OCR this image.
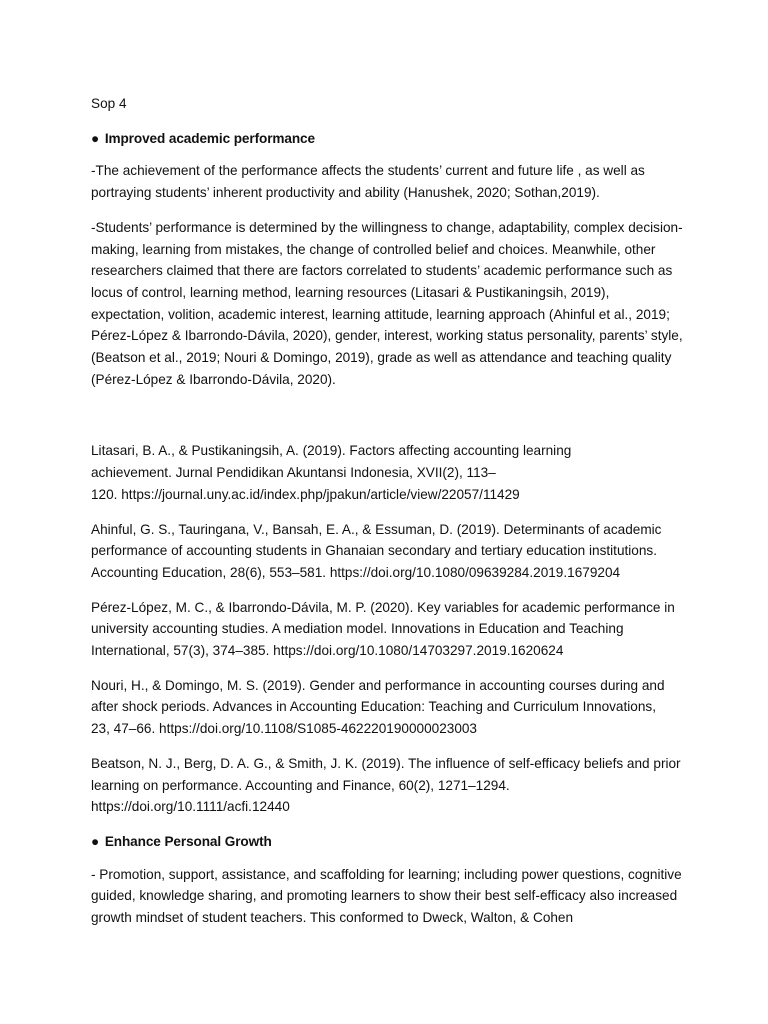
Sop 4
● Improved academic performance
-The achievement of the performance affects the students’ current and future life , as well as portraying students’ inherent productivity and ability (Hanushek, 2020; Sothan,2019).
-Students’ performance is determined by the willingness to change, adaptability, complex decision-making, learning from mistakes, the change of controlled belief and choices. Meanwhile, other researchers claimed that there are factors correlated to students’ academic performance such as locus of control, learning method, learning resources (Litasari & Pustikaningsih, 2019), expectation, volition, academic interest, learning attitude, learning approach (Ahinful et al., 2019; Pérez-López & Ibarrondo-Dávila, 2020), gender, interest, working status personality, parents’ style, (Beatson et al., 2019; Nouri & Domingo, 2019), grade as well as attendance and teaching quality (Pérez-López & Ibarrondo-Dávila, 2020).
Litasari, B. A., & Pustikaningsih, A. (2019). Factors affecting accounting learning
achievement. Jurnal Pendidikan Akuntansi Indonesia, XVII(2), 113–
120. https://journal.uny.ac.id/index.php/jpakun/article/view/22057/11429
Ahinful, G. S., Tauringana, V., Bansah, E. A., & Essuman, D. (2019). Determinants of academic
performance of accounting students in Ghanaian secondary and tertiary education institutions.
Accounting Education, 28(6), 553–581. https://doi.org/10.1080/09639284.2019.1679204
Pérez-López, M. C., & Ibarrondo-Dávila, M. P. (2020). Key variables for academic performance in
university accounting studies. A mediation model. Innovations in Education and Teaching
International, 57(3), 374–385. https://doi.org/10.1080/14703297.2019.1620624
Nouri, H., & Domingo, M. S. (2019). Gender and performance in accounting courses during and
after shock periods. Advances in Accounting Education: Teaching and Curriculum Innovations,
23, 47–66. https://doi.org/10.1108/S1085-462220190000023003
Beatson, N. J., Berg, D. A. G., & Smith, J. K. (2019). The influence of self-efficacy beliefs and prior
learning on performance. Accounting and Finance, 60(2), 1271–1294.
https://doi.org/10.1111/acfi.12440
● Enhance Personal Growth
- Promotion, support, assistance, and scaffolding for learning; including power questions, cognitive guided, knowledge sharing, and promoting learners to show their best self-efficacy also increased growth mindset of student teachers. This conformed to Dweck, Walton, & Cohen
